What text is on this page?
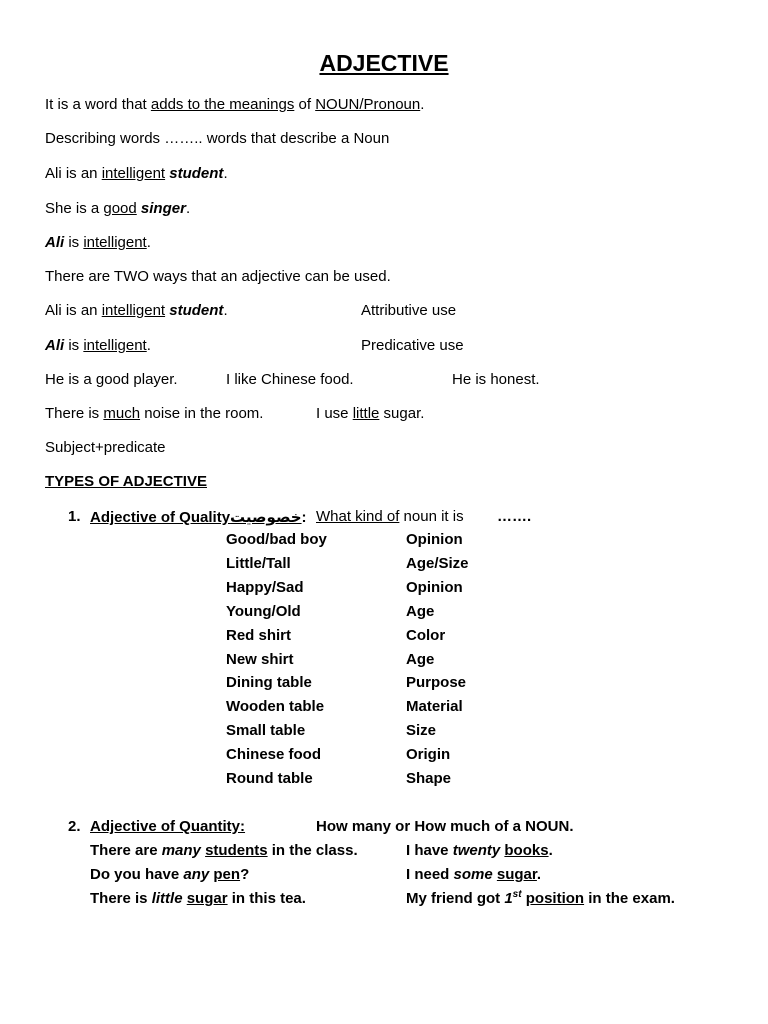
ADJECTIVE
It is a word that adds to the meanings of NOUN/Pronoun.
Describing words …….. words that describe a Noun
Ali is an intelligent student.
She is a good singer.
Ali is intelligent.
There are TWO ways that an adjective can be used.
Ali is an intelligent student.	Attributive use
Ali is intelligent.	Predicative use
He is a good player.	I like Chinese food.	He is honest.
There is much noise in the room.	I use little sugar.
Subject+predicate
TYPES OF ADJECTIVE
1. Adjective of Qualityخصوصیت: What kind of noun it is …….
Good/bad boy	Opinion
Little/Tall	Age/Size
Happy/Sad	Opinion
Young/Old	Age
Red shirt	Color
New shirt	Age
Dining table	Purpose
Wooden table	Material
Small table	Size
Chinese food	Origin
Round table	Shape
2. Adjective of Quantity:	How many or How much of a NOUN.
There are many students in the class.	I have twenty books.
Do you have any pen?	I need some sugar.
There is little sugar in this tea.	My friend got 1st position in the exam.
